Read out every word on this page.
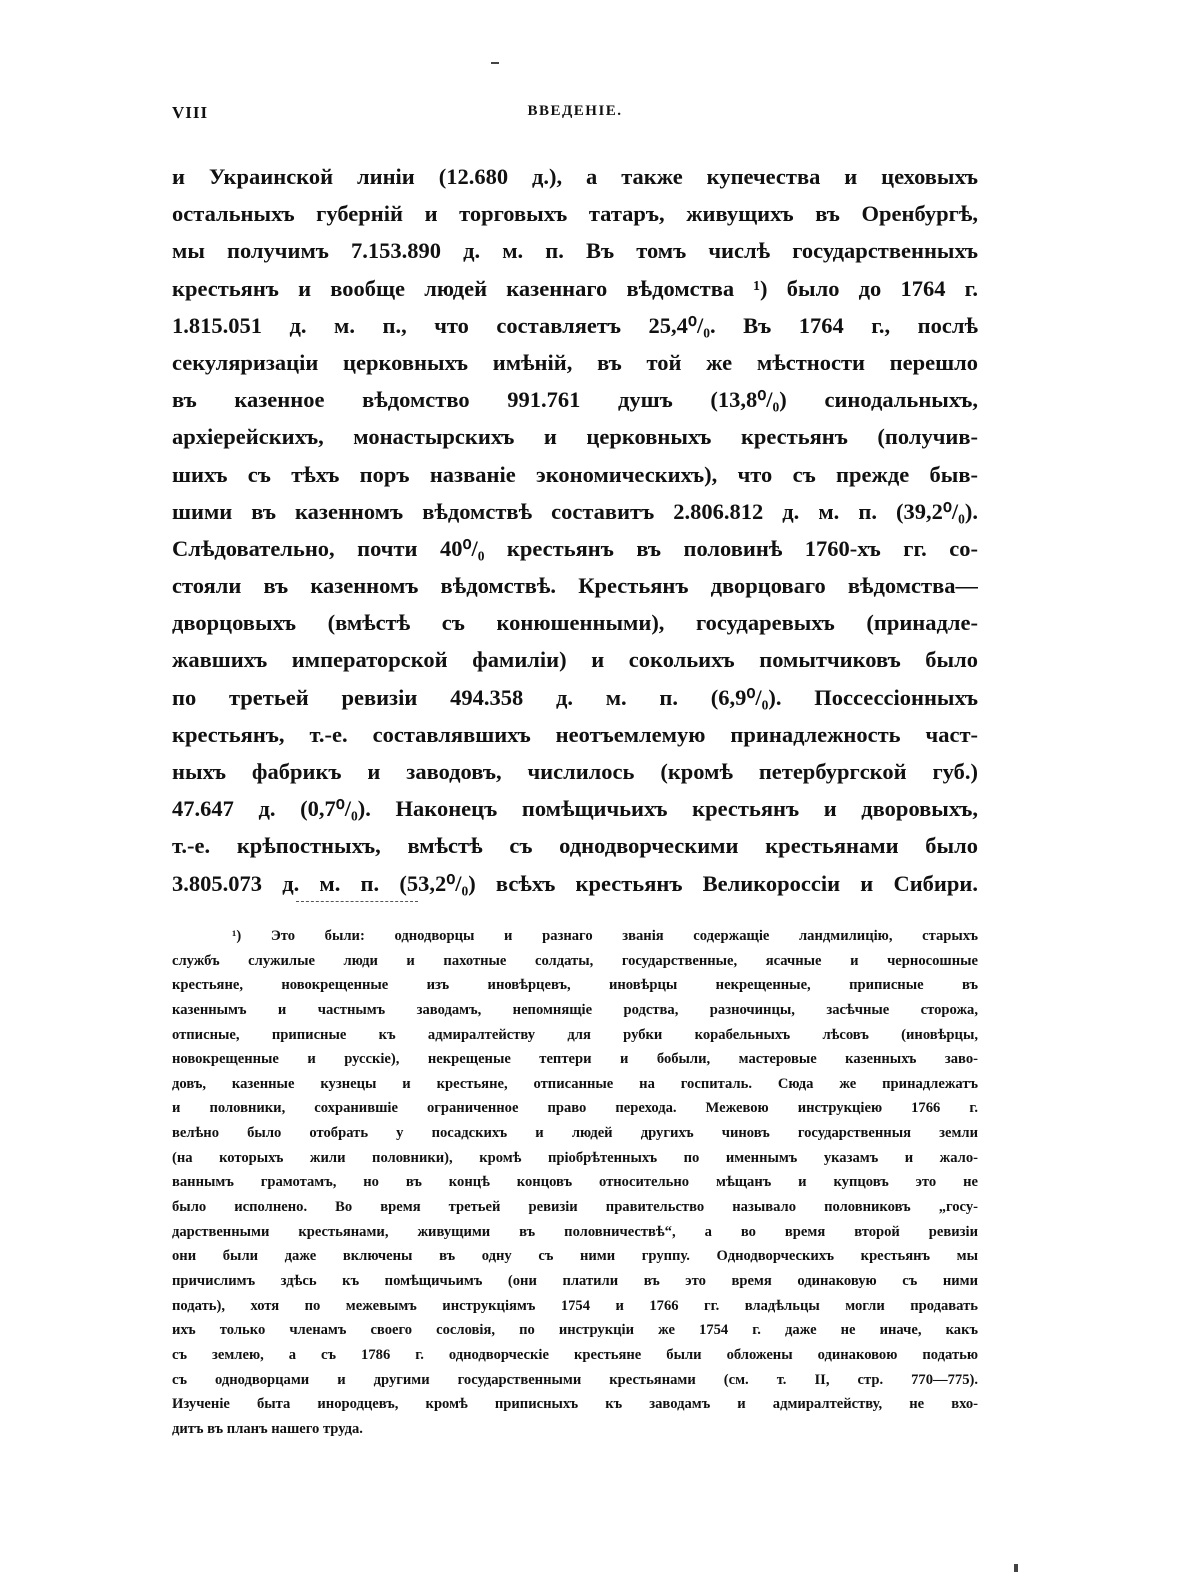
VIII	ВВЕДЕНІЕ.
и Украинской линіи (12.680 д.), а также купечества и цеховыхъ
остальныхъ губерній и торговыхъ татаръ, живущихъ въ Оренбургѣ,
мы получимъ 7.153.890 д. м. п. Въ томъ числѣ государственныхъ
крестьянъ и вообще людей казеннаго вѣдомства ¹) было до 1764 г.
1.815.051 д. м. п., что составляетъ 25,4⁰/₀. Въ 1764 г., послѣ
секуляризаціи церковныхъ имѣній, въ той же мѣстности перешло
въ казенное вѣдомство 991.761 душъ (13,8⁰/₀) синодальныхъ,
архіерейскихъ, монастырскихъ и церковныхъ крестьянъ (получив-
шихъ съ тѣхъ поръ названіе экономическихъ), что съ прежде быв-
шими въ казенномъ вѣдомствѣ составитъ 2.806.812 д. м. п. (39,2⁰/₀).
Слѣдовательно, почти 40⁰/₀ крестьянъ въ половинѣ 1760-хъ гг. со-
стояли въ казенномъ вѣдомствѣ. Крестьянъ дворцоваго вѣдомства—
дворцовыхъ (вмѣстѣ съ конюшенными), государевыхъ (принадле-
жавшихъ императорской фамиліи) и сокольихъ помытчиковъ было
по третьей ревизіи 494.358 д. м. п. (6,9⁰/₀). Поссессіонныхъ
крестьянъ, т.-е. составлявшихъ неотъемлемую принадлежность част-
ныхъ фабрикъ и заводовъ, числилось (кромѣ петербургской губ.)
47.647 д. (0,7⁰/₀). Наконецъ помѣщичьихъ крестьянъ и дворовыхъ,
т.-е. крѣпостныхъ, вмѣстѣ съ однодворческими крестьянами было
3.805.073 д. м. п. (53,2⁰/₀) всѣхъ крестьянъ Великороссіи и Сибири.
¹) Это были: однодворцы и разнаго званія содержащіе ландмилицію, старыхъ
службъ служилые люди и пахотные солдаты, государственные, ясачные и черносошные
крестьяне, новокрещенные изъ иновѣрцевъ, иновѣрцы некрещенные, приписные въ
казеннымъ и частнымъ заводамъ, непомнящіе родства, разночинцы, засѣчные сторожа,
отписные, приписные къ адмиралтейству для рубки корабельныхъ лѣсовъ (иновѣрцы,
новокрещенные и русскіе), некрещеные тептери и бобыли, мастеровые казенныхъ заво-
довъ, казенные кузнецы и крестьяне, отписанные на госпиталь. Сюда же принадлежатъ
и половники, сохранившіе ограниченное право перехода. Межевою инструкціею 1766 г.
велѣно было отобрать у посадскихъ и людей другихъ чиновъ государственныя земли
(на которыхъ жили половники), кромѣ пріобрѣтенныхъ по именнымъ указамъ и жало-
ваннымъ грамотамъ, но въ концѣ концовъ относительно мѣщанъ и купцовъ это не
было исполнено. Во время третьей ревизіи правительство называло половниковъ „госу-
дарственными крестьянами, живущими въ половничествѣ“, а во время второй ревизіи
они были даже включены въ одну съ ними группу. Однодворческихъ крестьянъ мы
причислимъ здѣсь къ помѣщичьимъ (они платили въ это время одинаковую съ ними
подать), хотя по межевымъ инструкціямъ 1754 и 1766 гг. владѣльцы могли продавать
ихъ только членамъ своего сословія, по инструкціи же 1754 г. даже не иначе, какъ
съ землею, а съ 1786 г. однодворческіе крестьяне были обложены одинаковою податью
съ однодворцами и другими государственными крестьянами (см. т. II, стр. 770—775).
Изученіе быта инородцевъ, кромѣ приписныхъ къ заводамъ и адмиралтейству, не вхо-
дитъ въ планъ нашего труда.
